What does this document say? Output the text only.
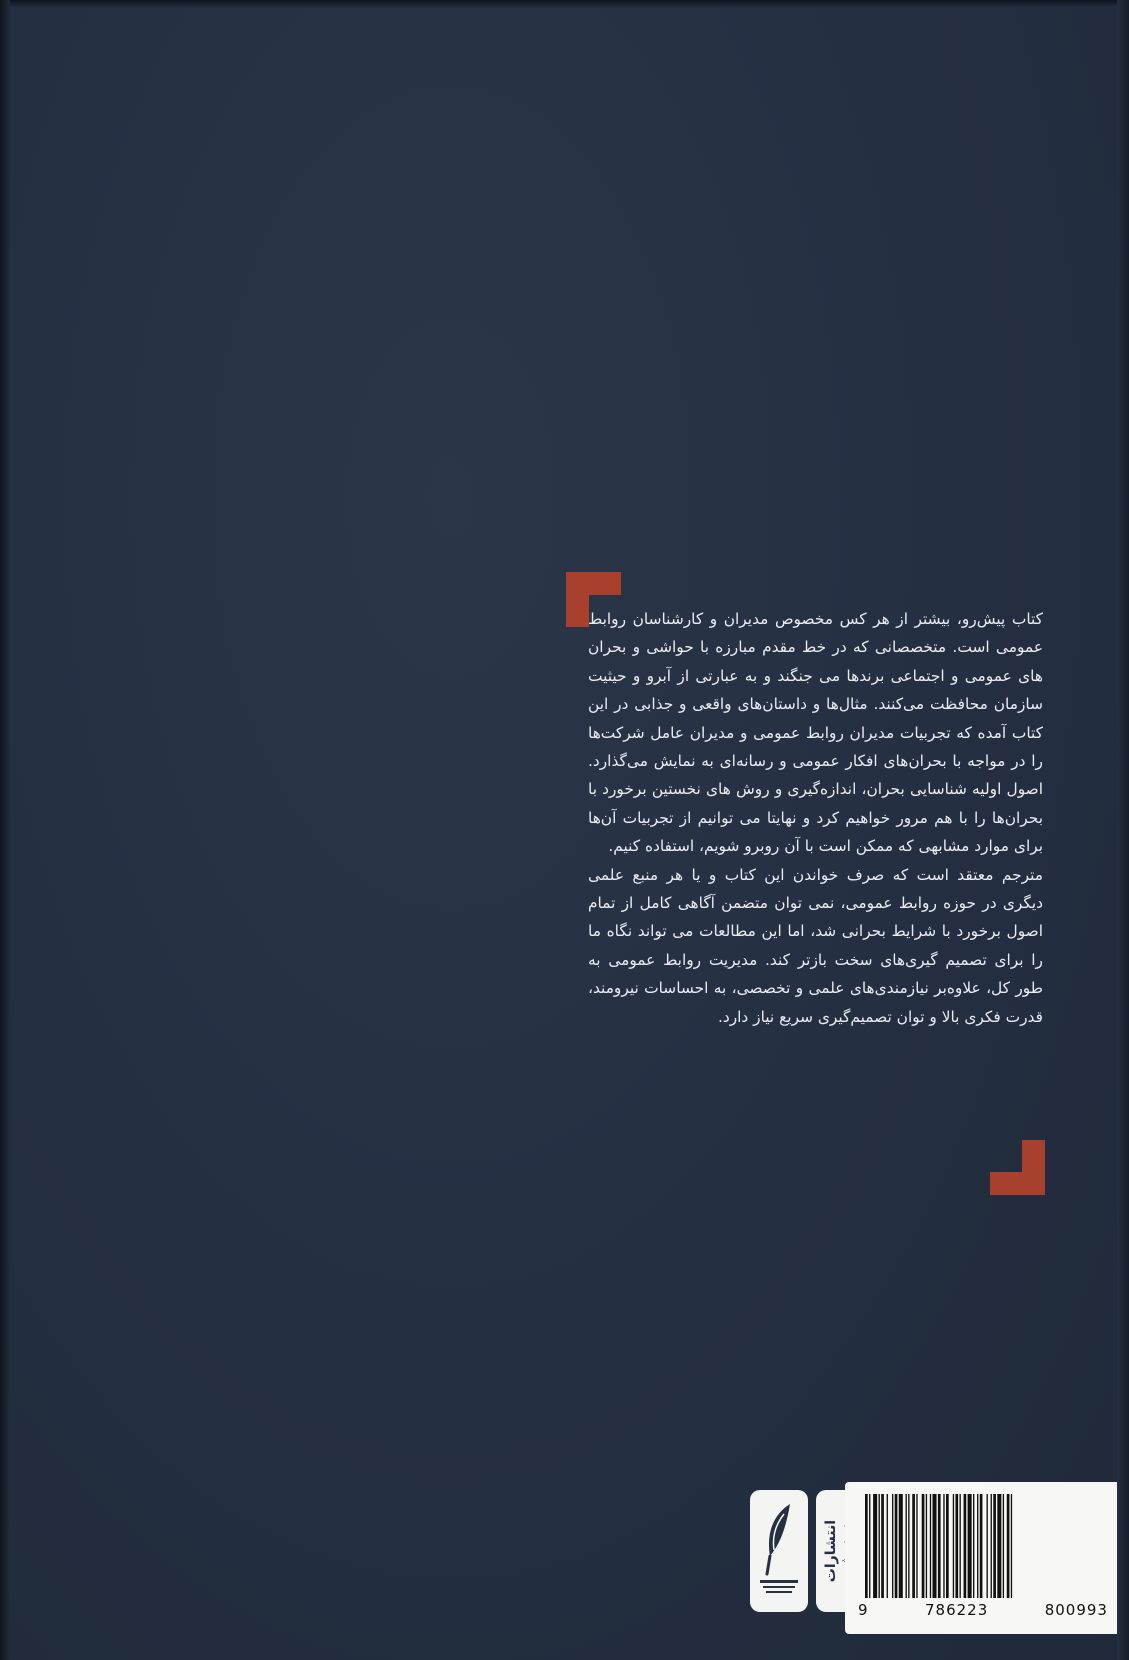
کتاب پیش‌رو، بیشتر از هر کس مخصوص مدیران و کارشناسان روابط عمومی است. متخصصانی که در خط مقدم مبارزه با حواشی و بحران های عمومی و اجتماعی برندها می جنگند و به عبارتی از آبرو و حیثیت سازمان محافظت می‌کنند. مثال‌ها و داستان‌های واقعی و جذابی در این کتاب آمده که تجربیات مدیران روابط عمومی و مدیران عامل شرکت‌ها را در مواجه با بحران‌های افکار عمومی و رسانه‌ای به نمایش می‌گذارد. اصول اولیه شناسایی بحران، اندازه‌گیری و روش های نخستین برخورد با بحران‌ها را با هم مرور خواهیم کرد و نهایتا می توانیم از تجربیات آن‌ها برای موارد مشابهی که ممکن است با آن روبرو شویم، استفاده کنیم.

مترجم معتقد است که صرف خواندن این کتاب و یا هر منبع علمی دیگری در حوزه روابط عمومی، نمی توان متضمن آگاهی کامل از تمام اصول برخورد با شرایط بحرانی شد، اما این مطالعات می تواند نگاه ما را برای تصمیم گیری‌های سخت بازتر کند. مدیریت روابط عمومی به طور کل، علاوه‌بر نیازمندی‌های علمی و تخصصی، به احساسات نیرومند، قدرت فکری بالا و توان تصمیم‌گیری سریع نیاز دارد.

انتشارات

9	786223	800993
